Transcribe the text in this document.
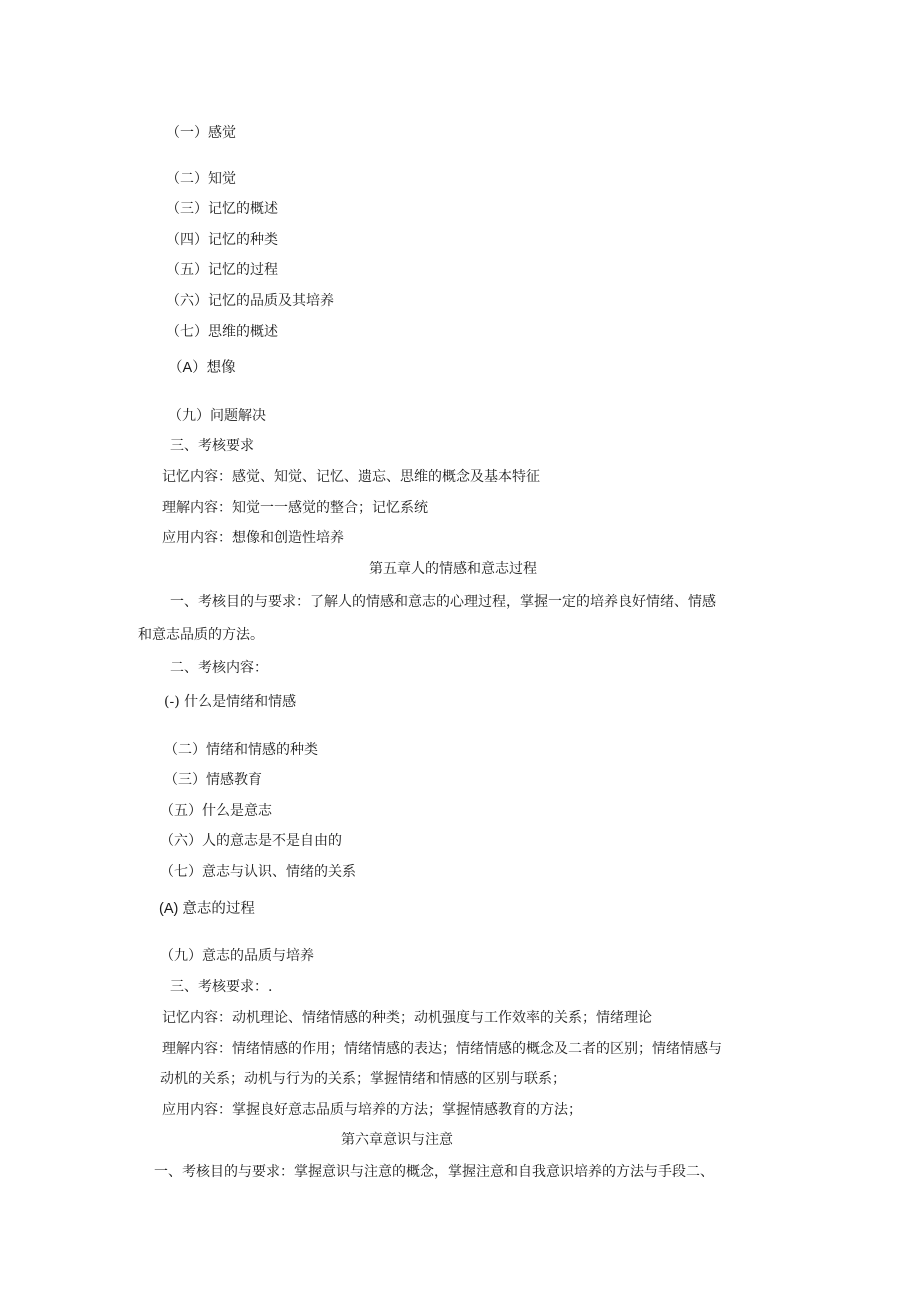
（一）感觉
（二）知觉
（三）记忆的概述
（四）记忆的种类
（五）记忆的过程
（六）记忆的品质及其培养
（七）思维的概述
（A）想像
（九）问题解决
三、考核要求
记忆内容：感觉、知觉、记忆、遗忘、思维的概念及基本特征
理解内容：知觉一一感觉的整合；记忆系统
应用内容：想像和创造性培养
第五章人的情感和意志过程
一、考核目的与要求：了解人的情感和意志的心理过程，掌握一定的培养良好情绪、情感
和意志品质的方法。
二、考核内容：
(-) 什么是情绪和情感
（二）情绪和情感的种类
（三）情感教育
（五）什么是意志
（六）人的意志是不是自由的
（七）意志与认识、情绪的关系
(A) 意志的过程
（九）意志的品质与培养
三、考核要求：.
记忆内容：动机理论、情绪情感的种类；动机强度与工作效率的关系；情绪理论
理解内容：情绪情感的作用；情绪情感的表达；情绪情感的概念及二者的区别；情绪情感与
动机的关系；动机与行为的关系；掌握情绪和情感的区别与联系；
应用内容：掌握良好意志品质与培养的方法；掌握情感教育的方法；
第六章意识与注意
一、考核目的与要求：掌握意识与注意的概念，掌握注意和自我意识培养的方法与手段二、
